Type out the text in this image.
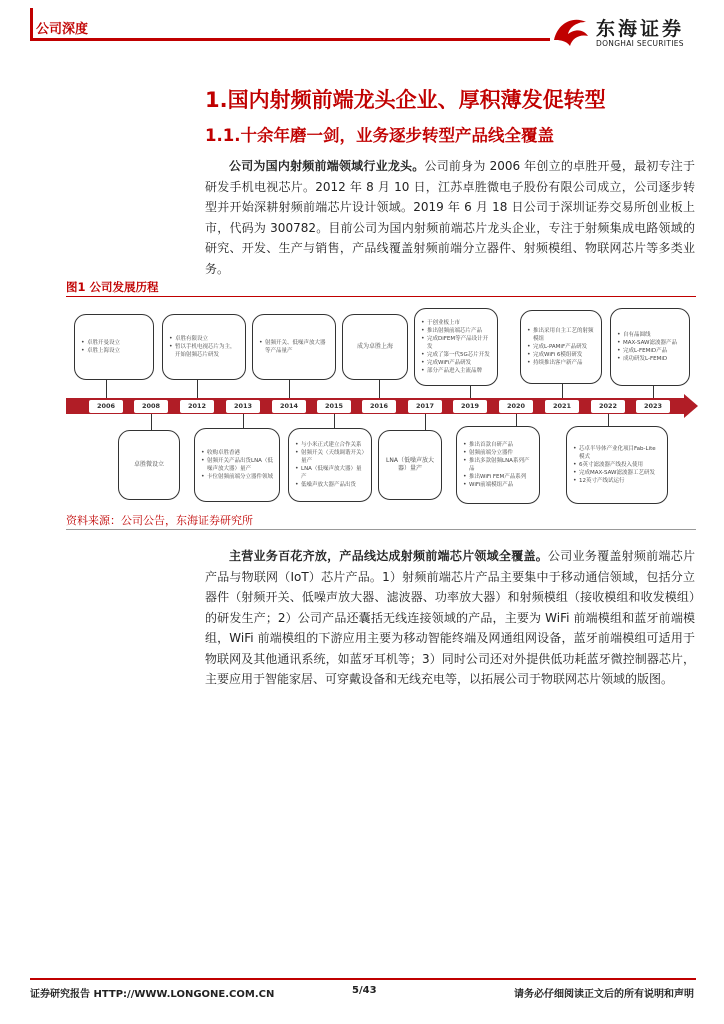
公司深度	东海证券
DONGHAI SECURITIES
1.国内射频前端龙头企业、厚积薄发促转型
1.1.十余年磨一剑，业务逐步转型产品线全覆盖
公司为国内射频前端领域行业龙头。公司前身为 2006 年创立的卓胜开曼，最初专注于研发手机电视芯片。2012 年 8 月 10 日，江苏卓胜微电子股份有限公司成立，公司逐步转型并开始深耕射频前端芯片设计领域。2019 年 6 月 18 日公司于深圳证券交易所创业板上市，代码为 300782。目前公司为国内射频前端芯片龙头企业，专注于射频集成电路领域的研究、开发、生产与销售，产品线覆盖射频前端分立器件、射频模组、物联网芯片等多类业务。
图1 公司发展历程
• 卓胜开曼设立
• 卓胜上海设立
• 卓胜有限设立
• 暂以手机电视芯片为主，开始射频芯片研发
• 射频开关、低噪声放大器等产品量产
成为卓胜上海
• 于创业板上市
• 推出射频前端芯片产品
• 完成DiFEM等产品设计开发
• 完成了第一代5G芯片开发
• 完成WiFi产品研发
• 部分产品进入主流品牌
• 推出采用自主工艺的射频模组
• 完成L-PAMiF产品研发
• 完成WiFi 6模组研发
• 持续推出客户新产品
• 自有晶圆线
• MAX-SAW滤波器产品
• 完成L-FEMiD产品
• 成功研发L-FEMiD
2006	2008	2012	2013	2014	2015	2016	2017	2019	2020	2021	2022	2023
卓胜微设立
• 收购卓胜香港
• 射频开关产品出货LNA（低噪声放大器）量产
• 卡位射频前端分立器件领域
• 与小米正式建立合作关系
• 射频开关（天线调谐开关）量产
• LNA（低噪声放大器）量产
• 低噪声放大器产品出货
LNA（低噪声放大器）量产
• 推出首款自研产品
• 射频前端分立器件
• 推出多款射频LNA系列产品
• 推出WiFi FEM产品系列
• WiFi前端模组产品
• 芯卓半导体产业化项目Fab-Lite 模式
• 6英寸滤波器产线投入使用
• 完成MAX-SAW滤波器工艺研发
• 12英寸产线试运行
资料来源：公司公告，东海证券研究所
主营业务百花齐放，产品线达成射频前端芯片领域全覆盖。公司业务覆盖射频前端芯片产品与物联网（IoT）芯片产品。1）射频前端芯片产品主要集中于移动通信领域，包括分立器件（射频开关、低噪声放大器、滤波器、功率放大器）和射频模组（接收模组和收发模组）的研发生产；2）公司产品还囊括无线连接领域的产品，主要为 WiFi 前端模组和蓝牙前端模组，WiFi 前端模组的下游应用主要为移动智能终端及网通组网设备，蓝牙前端模组可适用于物联网及其他通讯系统，如蓝牙耳机等；3）同时公司还对外提供低功耗蓝牙微控制器芯片，主要应用于智能家居、可穿戴设备和无线充电等，以拓展公司于物联网芯片领域的版图。
证券研究报告 HTTP://WWW.LONGONE.COM.CN	5/43	请务必仔细阅读正文后的所有说明和声明
